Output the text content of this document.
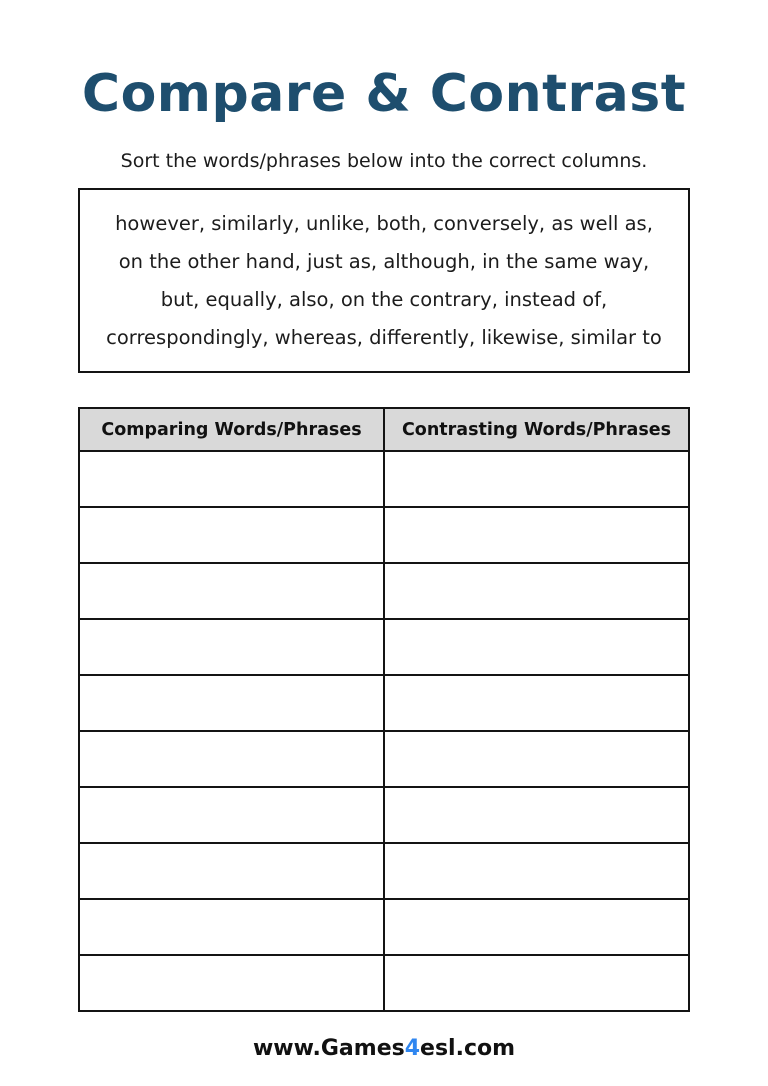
Compare & Contrast

Sort the words/phrases below into the correct columns.

however, similarly, unlike, both, conversely, as well as,
on the other hand, just as, although, in the same way,
but, equally, also, on the contrary, instead of,
correspondingly, whereas, differently, likewise, similar to
Comparing Words/Phrases	Contrasting Words/Phrases

www.Games4esl.com
